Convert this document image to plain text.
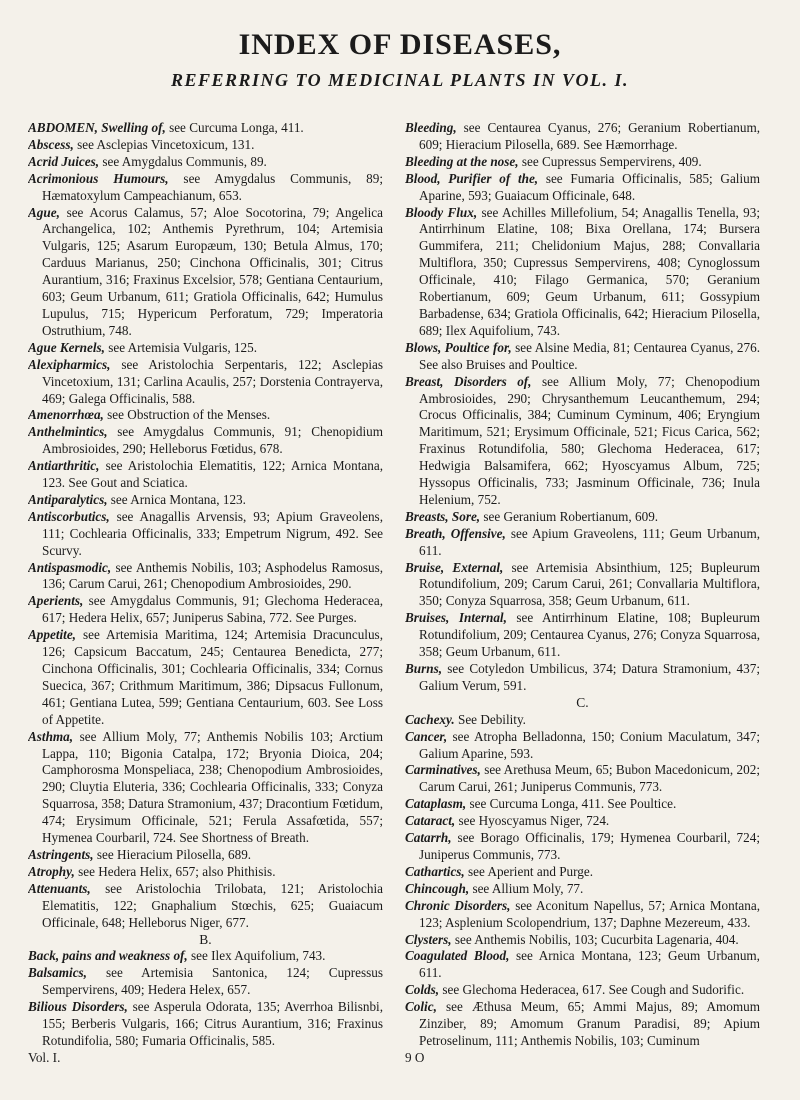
INDEX OF DISEASES,
REFERRING TO MEDICINAL PLANTS IN VOL. I.

ABDOMEN, Swelling of, see Curcuma Longa, 411.

Abscess, see Asclepias Vincetoxicum, 131.

Acrid Juices, see Amygdalus Communis, 89.

Acrimonious Humours, see Amygdalus Communis, 89; Hæmatoxylum Campeachianum, 653.

Ague, see Acorus Calamus, 57; Aloe Socotorina, 79; Angelica Archangelica, 102; Anthemis Pyrethrum, 104; Artemisia Vulgaris, 125; Asarum Europæum, 130; Betula Almus, 170; Carduus Marianus, 250; Cinchona Officinalis, 301; Citrus Aurantium, 316; Fraxinus Excelsior, 578; Gentiana Centaurium, 603; Geum Urbanum, 611; Gratiola Officinalis, 642; Humulus Lupulus, 715; Hypericum Perforatum, 729; Imperatoria Ostruthium, 748.

Ague Kernels, see Artemisia Vulgaris, 125.

Alexipharmics, see Aristolochia Serpentaris, 122; Asclepias Vincetoxium, 131; Carlina Acaulis, 257; Dorstenia Contrayerva, 469; Galega Officinalis, 588.

Amenorrhœa, see Obstruction of the Menses.

Anthelmintics, see Amygdalus Communis, 91; Chenopidium Ambrosioides, 290; Helleborus Fœtidus, 678.

Antiarthritic, see Aristolochia Elematitis, 122; Arnica Montana, 123. See Gout and Sciatica.

Antiparalytics, see Arnica Montana, 123.

Antiscorbutics, see Anagallis Arvensis, 93; Apium Graveolens, 111; Cochlearia Officinalis, 333; Empetrum Nigrum, 492. See Scurvy.

Antispasmodic, see Anthemis Nobilis, 103; Asphodelus Ramosus, 136; Carum Carui, 261; Chenopodium Ambrosioides, 290.

Aperients, see Amygdalus Communis, 91; Glechoma Hederacea, 617; Hedera Helix, 657; Juniperus Sabina, 772. See Purges.

Appetite, see Artemisia Maritima, 124; Artemisia Dracunculus, 126; Capsicum Baccatum, 245; Centaurea Benedicta, 277; Cinchona Officinalis, 301; Cochlearia Officinalis, 334; Cornus Suecica, 367; Crithmum Maritimum, 386; Dipsacus Fullonum, 461; Gentiana Lutea, 599; Gentiana Centaurium, 603. See Loss of Appetite.

Asthma, see Allium Moly, 77; Anthemis Nobilis 103; Arctium Lappa, 110; Bigonia Catalpa, 172; Bryonia Dioica, 204; Camphorosma Monspeliaca, 238; Chenopodium Ambrosioides, 290; Cluytia Eluteria, 336; Cochlearia Officinalis, 333; Conyza Squarrosa, 358; Datura Stramonium, 437; Dracontium Fœtidum, 474; Erysimum Officinale, 521; Ferula Assafœtida, 557; Hymenea Courbaril, 724. See Shortness of Breath.

Astringents, see Hieracium Pilosella, 689.

Atrophy, see Hedera Helix, 657; also Phithisis.

Attenuants, see Aristolochia Trilobata, 121; Aristolochia Elematitis, 122; Gnaphalium Stœchis, 625; Guaiacum Officinale, 648; Helleborus Niger, 677.

B.

Back, pains and weakness of, see Ilex Aquifolium, 743.

Balsamics, see Artemisia Santonica, 124; Cupressus Sempervirens, 409; Hedera Helex, 657.

Bilious Disorders, see Asperula Odorata, 135; Averrhoa Bilisnbi, 155; Berberis Vulgaris, 166; Citrus Aurantium, 316; Fraxinus Rotundifolia, 580; Fumaria Officinalis, 585.

Vol. I.

Bleeding, see Centaurea Cyanus, 276; Geranium Robertianum, 609; Hieracium Pilosella, 689. See Hæmorrhage.

Bleeding at the nose, see Cupressus Sempervirens, 409.

Blood, Purifier of the, see Fumaria Officinalis, 585; Galium Aparine, 593; Guaiacum Officinale, 648.

Bloody Flux, see Achilles Millefolium, 54; Anagallis Tenella, 93; Antirrhinum Elatine, 108; Bixa Orellana, 174; Bursera Gummifera, 211; Chelidonium Majus, 288; Convallaria Multiflora, 350; Cupressus Sempervirens, 408; Cynoglossum Officinale, 410; Filago Germanica, 570; Geranium Robertianum, 609; Geum Urbanum, 611; Gossypium Barbadense, 634; Gratiola Officinalis, 642; Hieracium Pilosella, 689; Ilex Aquifolium, 743.

Blows, Poultice for, see Alsine Media, 81; Centaurea Cyanus, 276. See also Bruises and Poultice.

Breast, Disorders of, see Allium Moly, 77; Chenopodium Ambrosioides, 290; Chrysanthemum Leucanthemum, 294; Crocus Officinalis, 384; Cuminum Cyminum, 406; Eryngium Maritimum, 521; Erysimum Officinale, 521; Ficus Carica, 562; Fraxinus Rotundifolia, 580; Glechoma Hederacea, 617; Hedwigia Balsamifera, 662; Hyoscyamus Album, 725; Hyssopus Officinalis, 733; Jasminum Officinale, 736; Inula Helenium, 752.

Breasts, Sore, see Geranium Robertianum, 609.

Breath, Offensive, see Apium Graveolens, 111; Geum Urbanum, 611.

Bruise, External, see Artemisia Absinthium, 125; Bupleurum Rotundifolium, 209; Carum Carui, 261; Convallaria Multiflora, 350; Conyza Squarrosa, 358; Geum Urbanum, 611.

Bruises, Internal, see Antirrhinum Elatine, 108; Bupleurum Rotundifolium, 209; Centaurea Cyanus, 276; Conyza Squarrosa, 358; Geum Urbanum, 611.

Burns, see Cotyledon Umbilicus, 374; Datura Stramonium, 437; Galium Verum, 591.

C.

Cachexy. See Debility.

Cancer, see Atropha Belladonna, 150; Conium Maculatum, 347; Galium Aparine, 593.

Carminatives, see Arethusa Meum, 65; Bubon Macedonicum, 202; Carum Carui, 261; Juniperus Communis, 773.

Cataplasm, see Curcuma Longa, 411. See Poultice.

Cataract, see Hyoscyamus Niger, 724.

Catarrh, see Borago Officinalis, 179; Hymenea Courbaril, 724; Juniperus Communis, 773.

Cathartics, see Aperient and Purge.

Chincough, see Allium Moly, 77.

Chronic Disorders, see Aconitum Napellus, 57; Arnica Montana, 123; Asplenium Scolopendrium, 137; Daphne Mezereum, 433.

Clysters, see Anthemis Nobilis, 103; Cucurbita Lagenaria, 404.

Coagulated Blood, see Arnica Montana, 123; Geum Urbanum, 611.

Colds, see Glechoma Hederacea, 617. See Cough and Sudorific.

Colic, see Æthusa Meum, 65; Ammi Majus, 89; Amomum Zinziber, 89; Amomum Granum Paradisi, 89; Apium Petroselinum, 111; Anthemis Nobilis, 103; Cuminum

9 O
